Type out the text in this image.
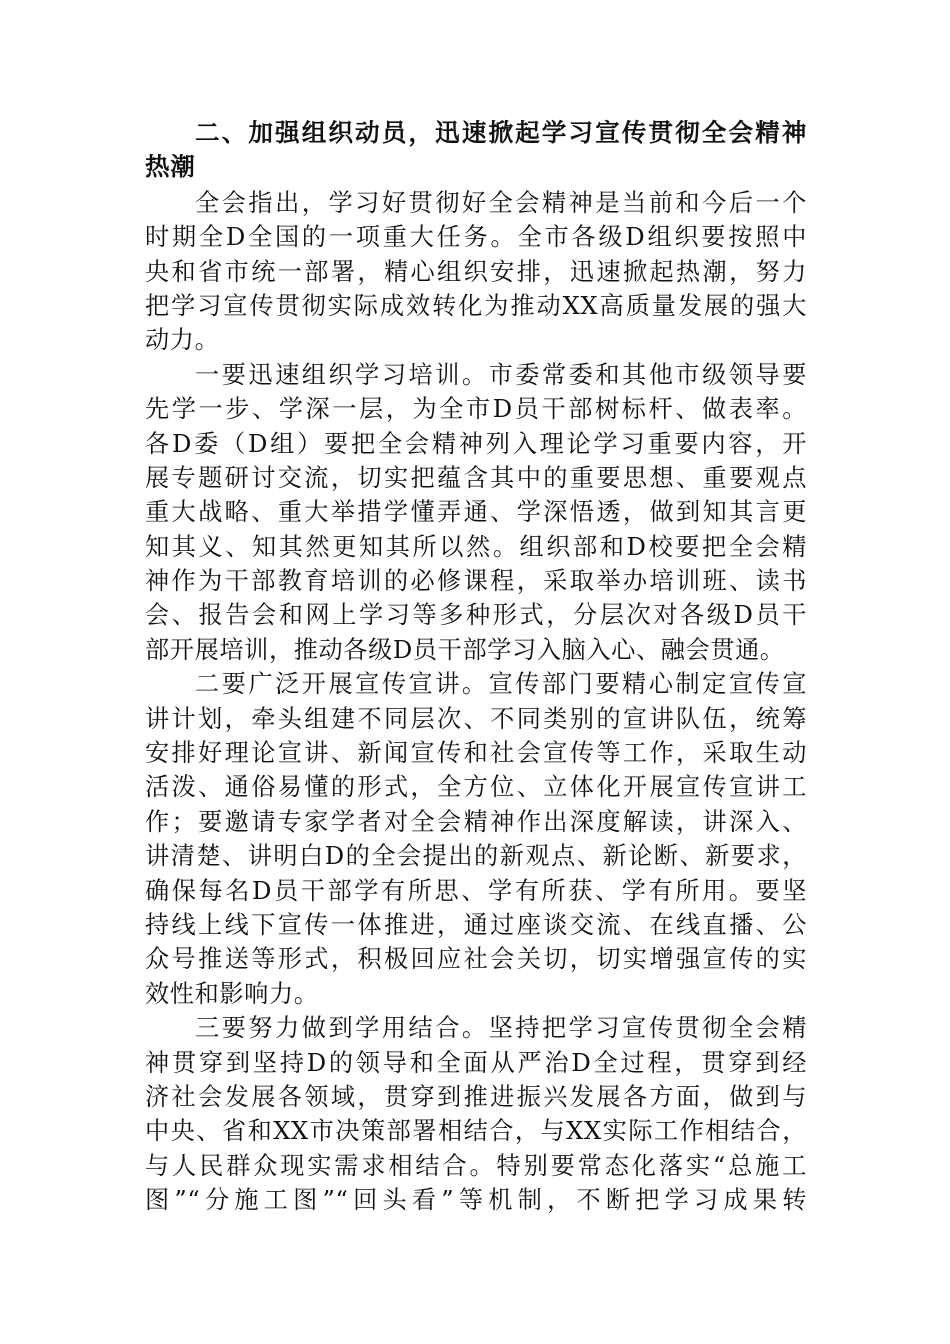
二、加强组织动员，迅速掀起学习宣传贯彻全会精神
热潮
全会指出，学习好贯彻好全会精神是当前和今后一个
时期全D全国的一项重大任务。全市各级D组织要按照中
央和省市统一部署，精心组织安排，迅速掀起热潮，努力
把学习宣传贯彻实际成效转化为推动XX高质量发展的强大
动力。
一要迅速组织学习培训。市委常委和其他市级领导要
先学一步、学深一层，为全市D员干部树标杆、做表率。
各D委（D组）要把全会精神列入理论学习重要内容，开
展专题研讨交流，切实把蕴含其中的重要思想、重要观点
重大战略、重大举措学懂弄通、学深悟透，做到知其言更
知其义、知其然更知其所以然。组织部和D校要把全会精
神作为干部教育培训的必修课程，采取举办培训班、读书
会、报告会和网上学习等多种形式，分层次对各级D员干
部开展培训，推动各级D员干部学习入脑入心、融会贯通。
二要广泛开展宣传宣讲。宣传部门要精心制定宣传宣
讲计划，牵头组建不同层次、不同类别的宣讲队伍，统筹
安排好理论宣讲、新闻宣传和社会宣传等工作，采取生动
活泼、通俗易懂的形式，全方位、立体化开展宣传宣讲工
作；要邀请专家学者对全会精神作出深度解读，讲深入、
讲清楚、讲明白D的全会提出的新观点、新论断、新要求，
确保每名D员干部学有所思、学有所获、学有所用。要坚
持线上线下宣传一体推进，通过座谈交流、在线直播、公
众号推送等形式，积极回应社会关切，切实增强宣传的实
效性和影响力。
三要努力做到学用结合。坚持把学习宣传贯彻全会精
神贯穿到坚持D的领导和全面从严治D全过程，贯穿到经
济社会发展各领域，贯穿到推进振兴发展各方面，做到与
中央、省和XX市决策部署相结合，与XX实际工作相结合，
与人民群众现实需求相结合。特别要常态化落实“总施工
图”“分施工图”“回头看”等机制，不断把学习成果转
